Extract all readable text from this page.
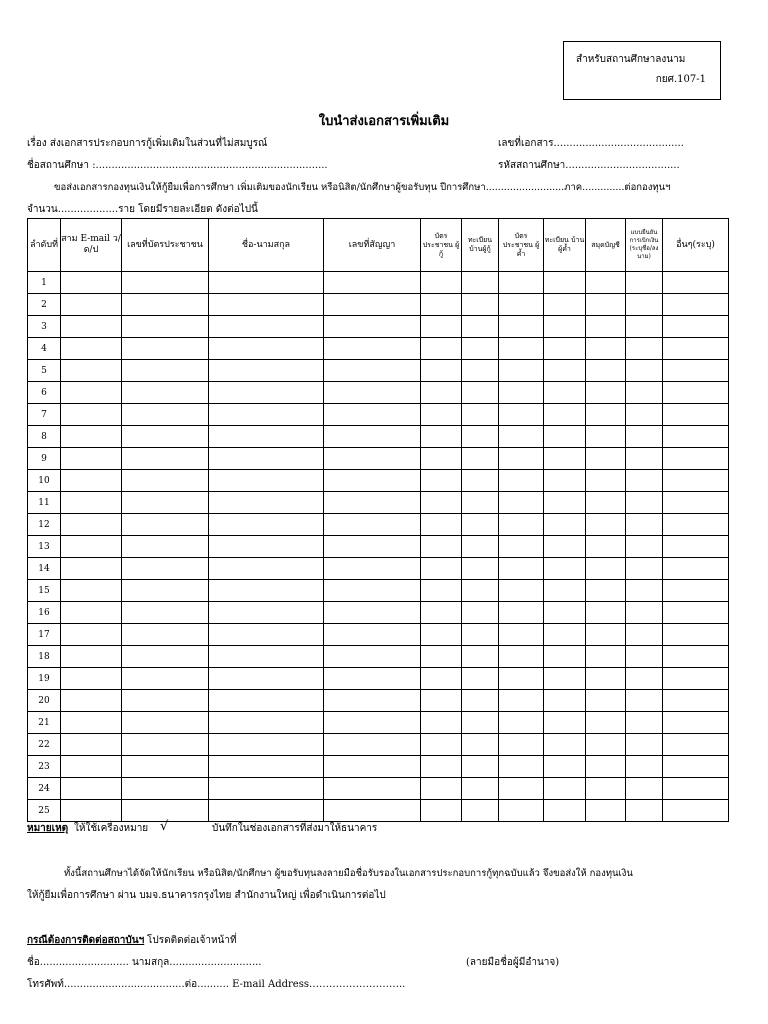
สำหรับสถานศึกษาลงนาม
กยศ.107-1
ใบนำส่งเอกสารเพิ่มเติม
เรื่อง ส่งเอกสารประกอบการกู้เพิ่มเติมในส่วนที่ไม่สมบูรณ์	เลขที่เอกสาร.........................................
ชื่อสถานศึกษา :.........................................................................	รหัสสถานศึกษา....................................
ขอส่งเอกสารกองทุนเงินให้กู้ยืมเพื่อการศึกษา เพิ่มเติมของนักเรียน หรือนิสิต/นักศึกษาผู้ขอรับทุน ปีการศึกษา..........................ภาค..............ต่อกองทุนฯ
จำนวน...................ราย โดยมีรายละเอียด ดังต่อไปนี้
ลำดับที่	สาม E-mail ว/ด/ป	เลขที่บัตรประชาชน	ชื่อ-นามสกุล	เลขที่สัญญา	บัตร ประชาชน ผู้กู้	ทะเบียน บ้านผู้กู้	บัตร ประชาชน ผู้ค้ำ	ทะเบียน บ้านผู้ค้ำ	สมุดบัญชี	แบบยืนยันการเบิกเงิน (ระบุชื่อ/ลงนาม)	อื่นๆ(ระบุ)
1											
2											
3											
4											
5											
6											
7											
8											
9											
10											
11											
12											
13											
14											
15											
16											
17											
18											
19											
20											
21											
22											
23											
24											
25											
หมายเหตุ ให้ใช้เครื่องหมาย √	บันทึกในช่องเอกสารที่ส่งมาให้ธนาคาร
ทั้งนี้สถานศึกษาได้จัดให้นักเรียน หรือนิสิต/นักศึกษา ผู้ขอรับทุนลงลายมือชื่อรับรองในเอกสารประกอบการกู้ทุกฉบับแล้ว จึงขอส่งให้ กองทุนเงิน
ให้กู้ยืมเพื่อการศึกษา ผ่าน บมจ.ธนาคารกรุงไทย สำนักงานใหญ่ เพื่อดำเนินการต่อไป
กรณีต้องการติดต่อสถาบันฯ โปรดติดต่อเจ้าหน้าที่
ชื่อ............................ นามสกุล.............................	(ลายมือชื่อผู้มีอำนาจ)
โทรศัพท์......................................ต่อ.......... E-mail Address………………………..
